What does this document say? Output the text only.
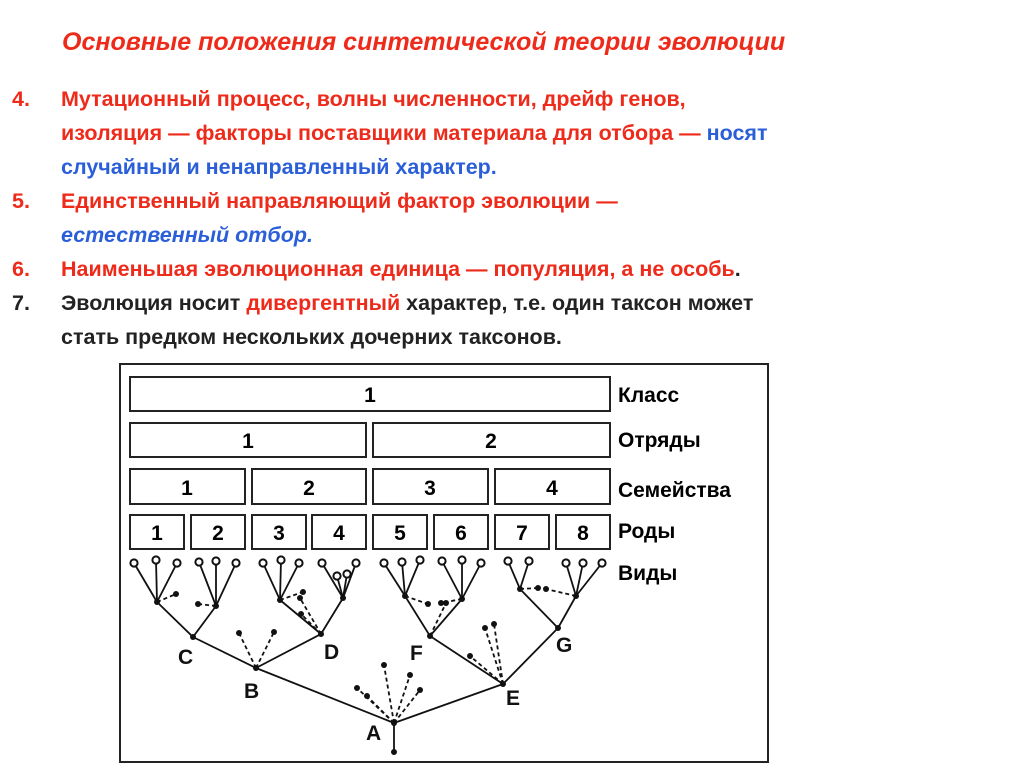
Основные положения синтетической теории эволюции
4. Мутационный процесс, волны численности, дрейф генов,
изоляция — факторы поставщики материала для отбора — носят
случайный и ненаправленный характер.
5. Единственный направляющий фактор эволюции —
естественный отбор.
6. Наименьшая эволюционная единица — популяция, а не особь.
7. Эволюция носит дивергентный характер, т.е. один таксон может
стать предком нескольких дочерних таксонов.
1	Класс
1	2	Отряды
1	2	3	4	Семейства
1 2 3 4 5 6 7 8 Роды
Виды
A
B
C	D
E
F	G
